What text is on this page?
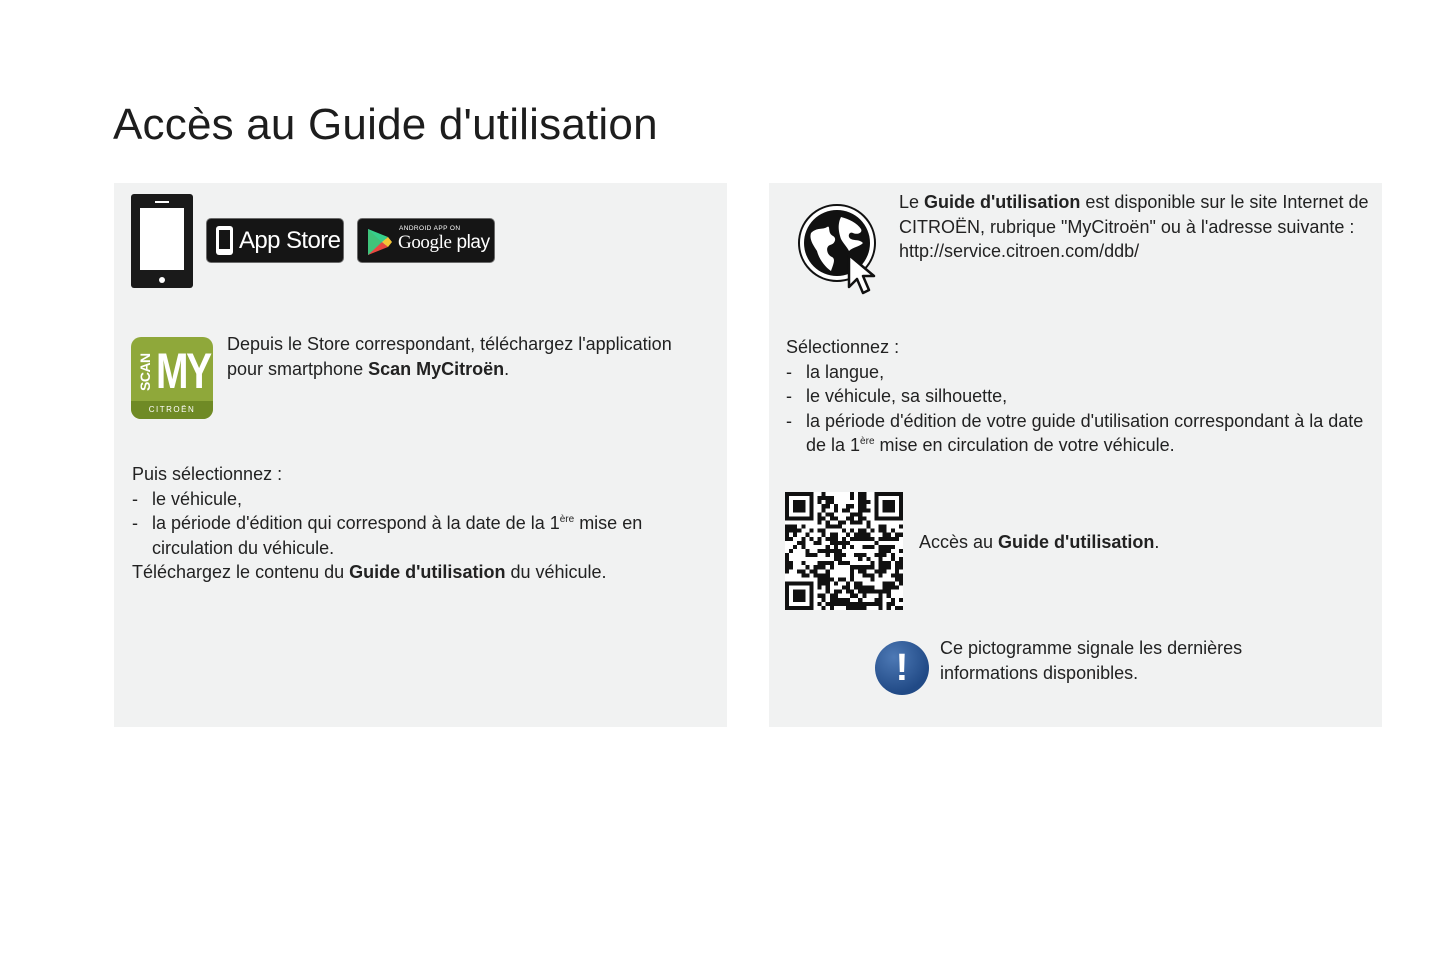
Accès au Guide d'utilisation
App Store	ANDROID APP ON
Google play
SCAN MY
CITROËN

Depuis le Store correspondant, téléchargez l'application pour smartphone Scan MyCitroën.

Puis sélectionnez :
- le véhicule,
- la période d'édition qui correspond à la date de la 1ère mise en circulation du véhicule.
Téléchargez le contenu du Guide d'utilisation du véhicule.

Le Guide d'utilisation est disponible sur le site Internet de CITROËN, rubrique "MyCitroën" ou à l'adresse suivante :
http://service.citroen.com/ddb/

Sélectionnez :
- la langue,
- le véhicule, sa silhouette,
- la période d'édition de votre guide d'utilisation correspondant à la date de la 1ère mise en circulation de votre véhicule.

Accès au Guide d'utilisation.

!	Ce pictogramme signale les dernières informations disponibles.
